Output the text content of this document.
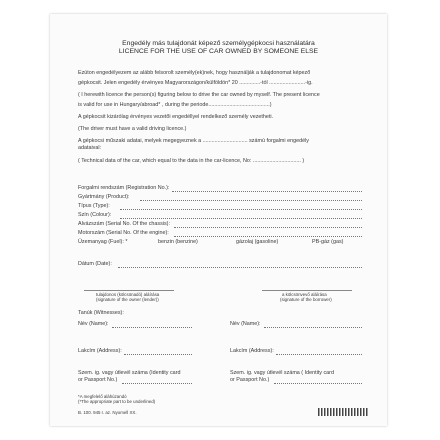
Engedély más tulajdonát képező személygépkocsi használatára
LICENCE FOR THE USE OF CAR OWNED BY SOMEONE ELSE
Ezúton engedélyezem az alább felsorolt személy(ek)nek, hogy használják a tulajdonomat képező
gépkocsit. Jelen engedély érvényes Magyarországon/külföldön* 20 ..............-tól ........................-ig.
( I herewith licence the person(s) figuring below to drive the car owned by myself. The present licence
is valid for use in Hungary/abroad* , during the periode.........................................)
A gépkocsit kizárólag érvényes vezetői engedéllyel rendelkező személy vezetheti.
(The driver must have a valid driving licence.)
A gépkocsi műszaki adatai, melyek megegyeznek a .............................. számú forgalmi engedély
adataival:
( Technical data of the car, which equal to the data in the car-licence, No: ................................ )
Forgalmi rendszám (Registration No.):
Gyártmány (Product):
Típus (Type):
Szín (Colour):
Alvázszám (Serial No. Of the chassis):
Motorszám (Serial No. Of the engine):
Üzemanyag (Fuel): *	benzin (benzine)	gázolaj (gasoline)	PB-gáz (gas)
Dátum (Date):
tulajdonos (kölcsönadó) aláírása
(signature of the owner (lender))
a kölcsönvevő aláírása
(signature of the borrower)
Tanúk (Witnesses):
Név (Name):	Név (Name):
Lakcím (Address):	Lakcím (Address):
Szem. ig. vagy útlevél száma (Identity card
or Passport No.)
Szem. ig. vagy útlevél száma ( Identity card
or Passport No.)
*A megfelelő aláhúzandó
(*The appropriate part to be underlined)
B. 100. 945 r. az. Nyomell XX.
